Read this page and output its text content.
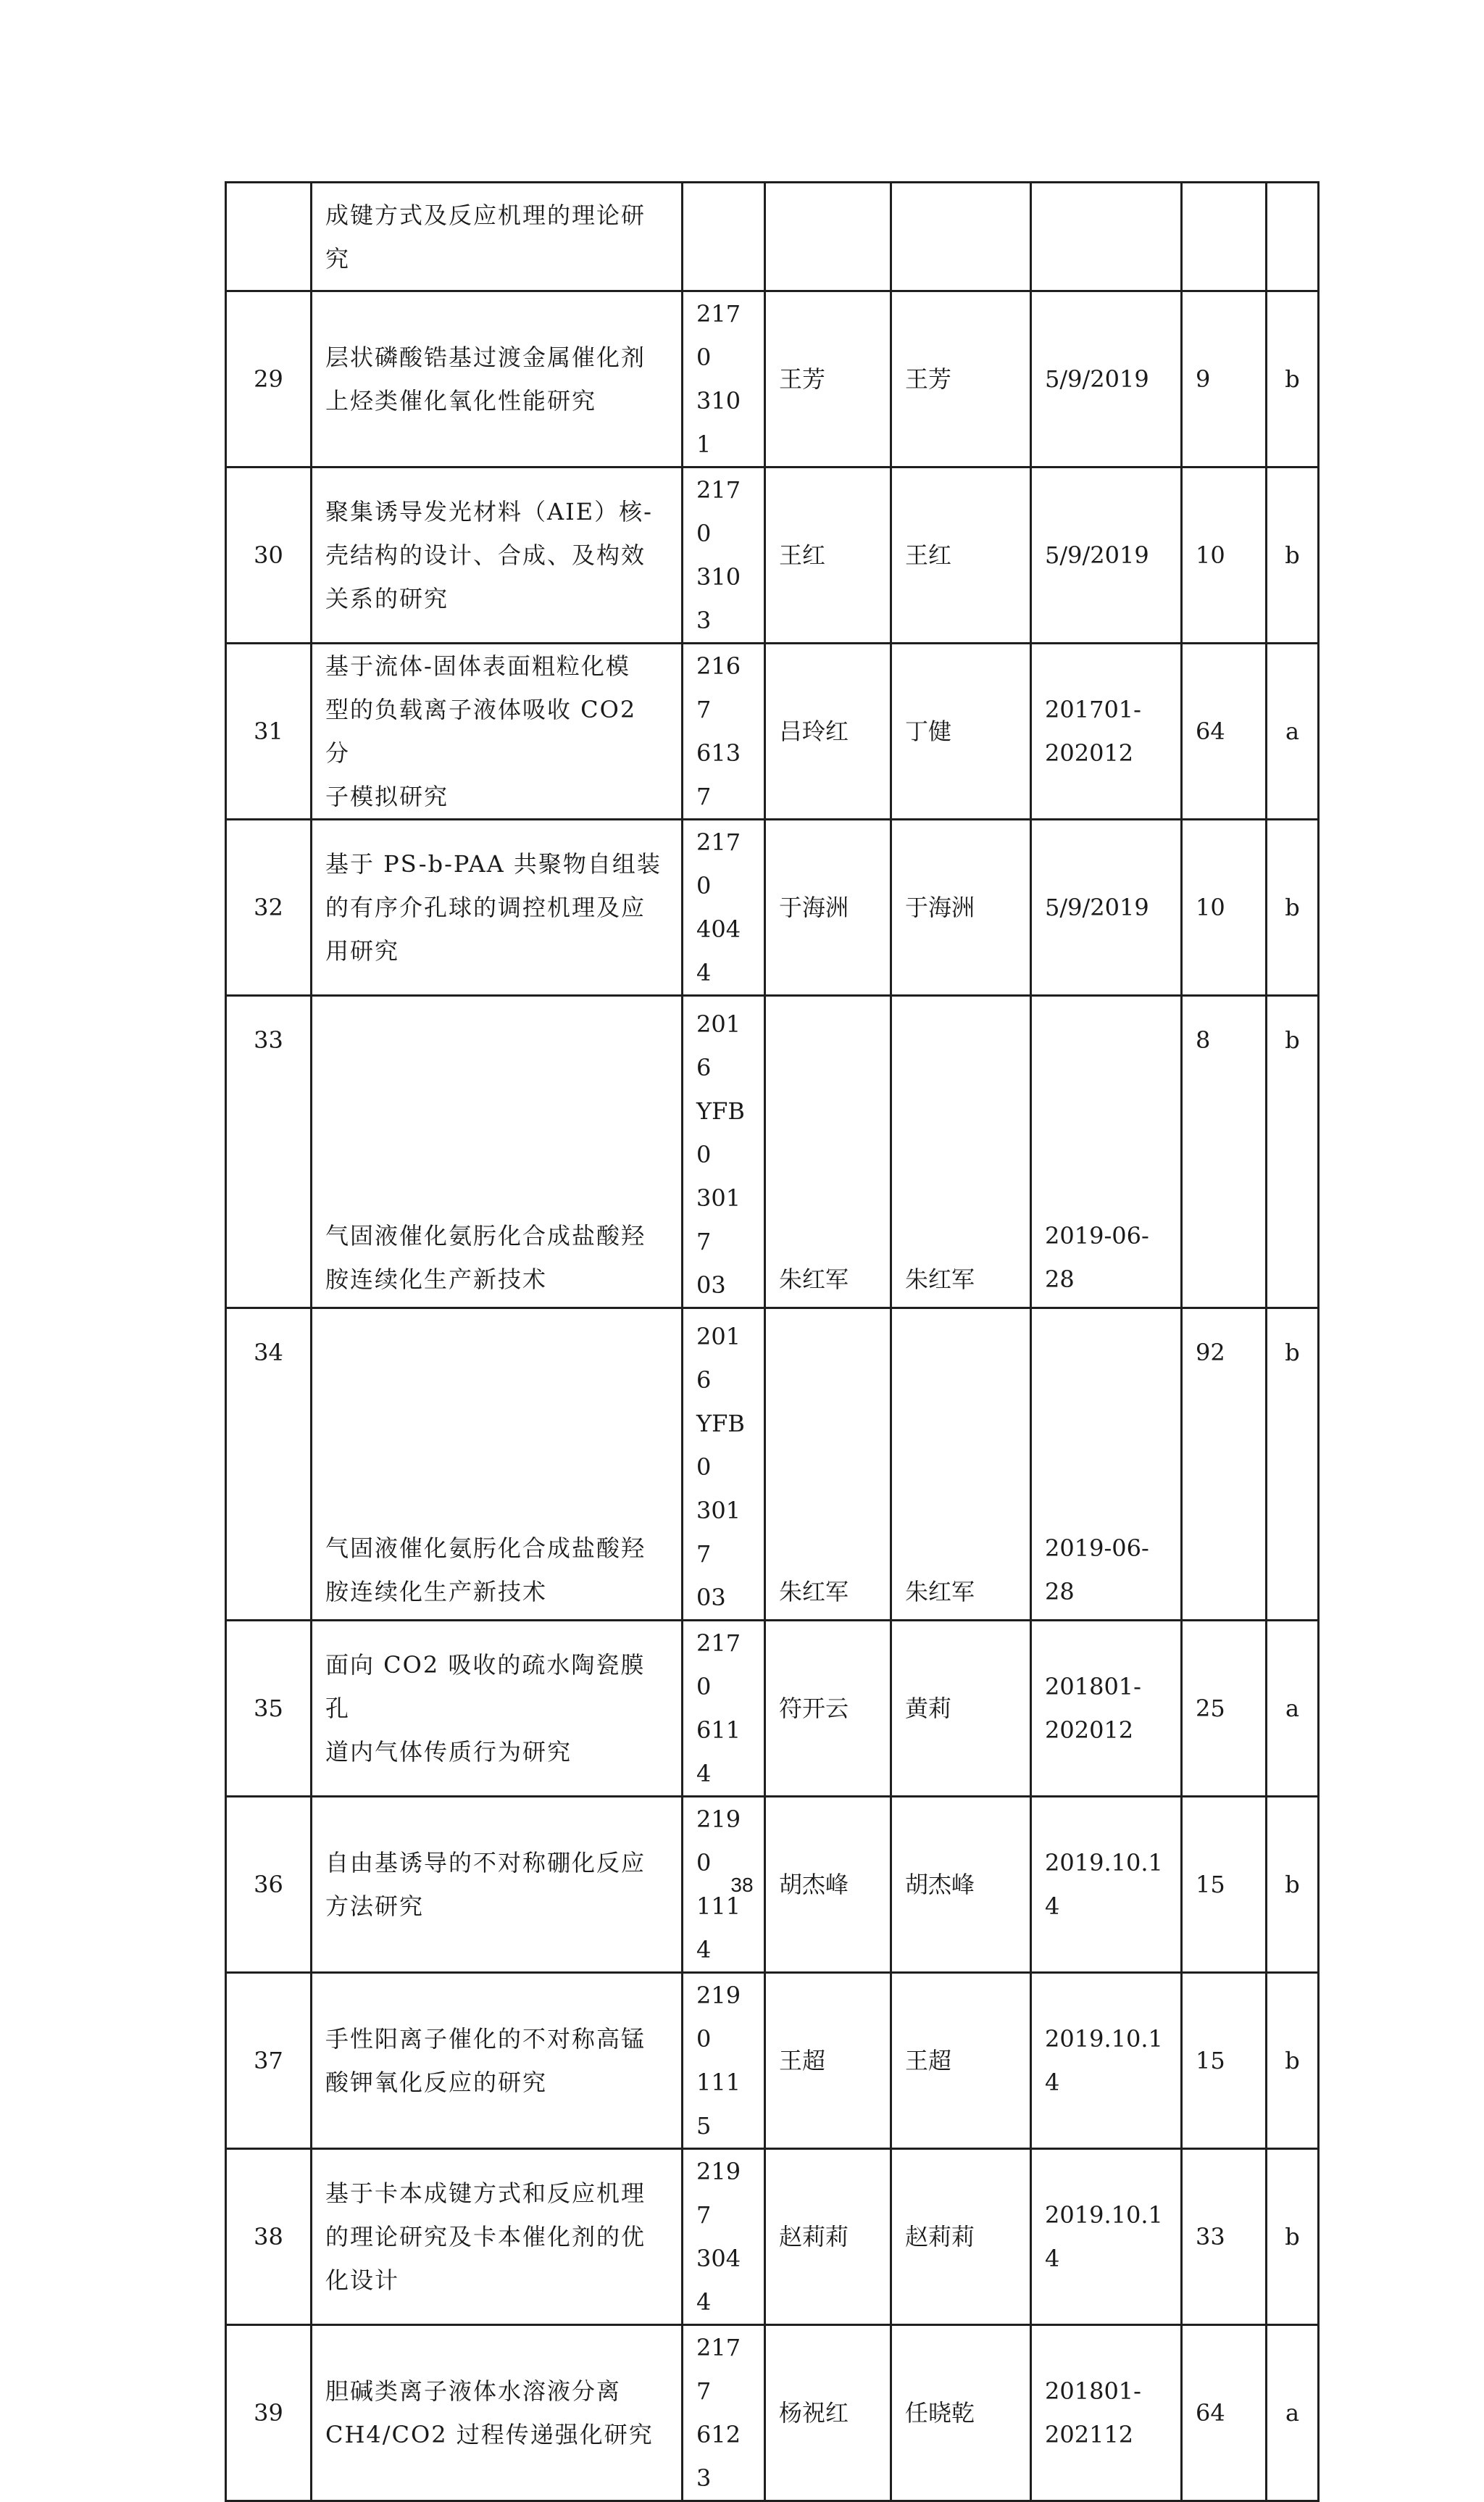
	成键方式及反应机理的理论研
究						

29	层状磷酸锆基过渡金属催化剂
上烃类催化氧化性能研究	2170
3101	王芳	王芳	5/9/2019	9	b
30	聚集诱导发光材料（AIE）核-
壳结构的设计、合成、及构效
关系的研究	2170
3103	王红	王红	5/9/2019	10	b
31	基于流体-固体表面粗粒化模
型的负载离子液体吸收 CO2 分
子模拟研究	2167
6137	吕玲红	丁健	201701-
202012	64	a
32	基于 PS-b-PAA 共聚物自组装
的有序介孔球的调控机理及应
用研究	2170
4044	于海洲	于海洲	5/9/2019	10	b
33	气固液催化氨肟化合成盐酸羟
胺连续化生产新技术	2016
YFB0
3017
03	朱红军	朱红军	2019-06-
28	8	b
34	气固液催化氨肟化合成盐酸羟
胺连续化生产新技术	2016
YFB0
3017
03	朱红军	朱红军	2019-06-
28	92	b
35	面向 CO2 吸收的疏水陶瓷膜孔
道内气体传质行为研究	2170
6114	符开云	黄莉	201801-
202012	25	a
36	自由基诱导的不对称硼化反应
方法研究	2190
1114	胡杰峰	胡杰峰	2019.10.1
4	15	b
37	手性阳离子催化的不对称高锰
酸钾氧化反应的研究	2190
1115	王超	王超	2019.10.1
4	15	b
38	基于卡本成键方式和反应机理
的理论研究及卡本催化剂的优
化设计	2197
3044	赵莉莉	赵莉莉	2019.10.1
4	33	b
39	胆碱类离子液体水溶液分离
CH4/CO2 过程传递强化研究	2177
6123	杨祝红	任晓乾	201801-
202112	64	a
38
